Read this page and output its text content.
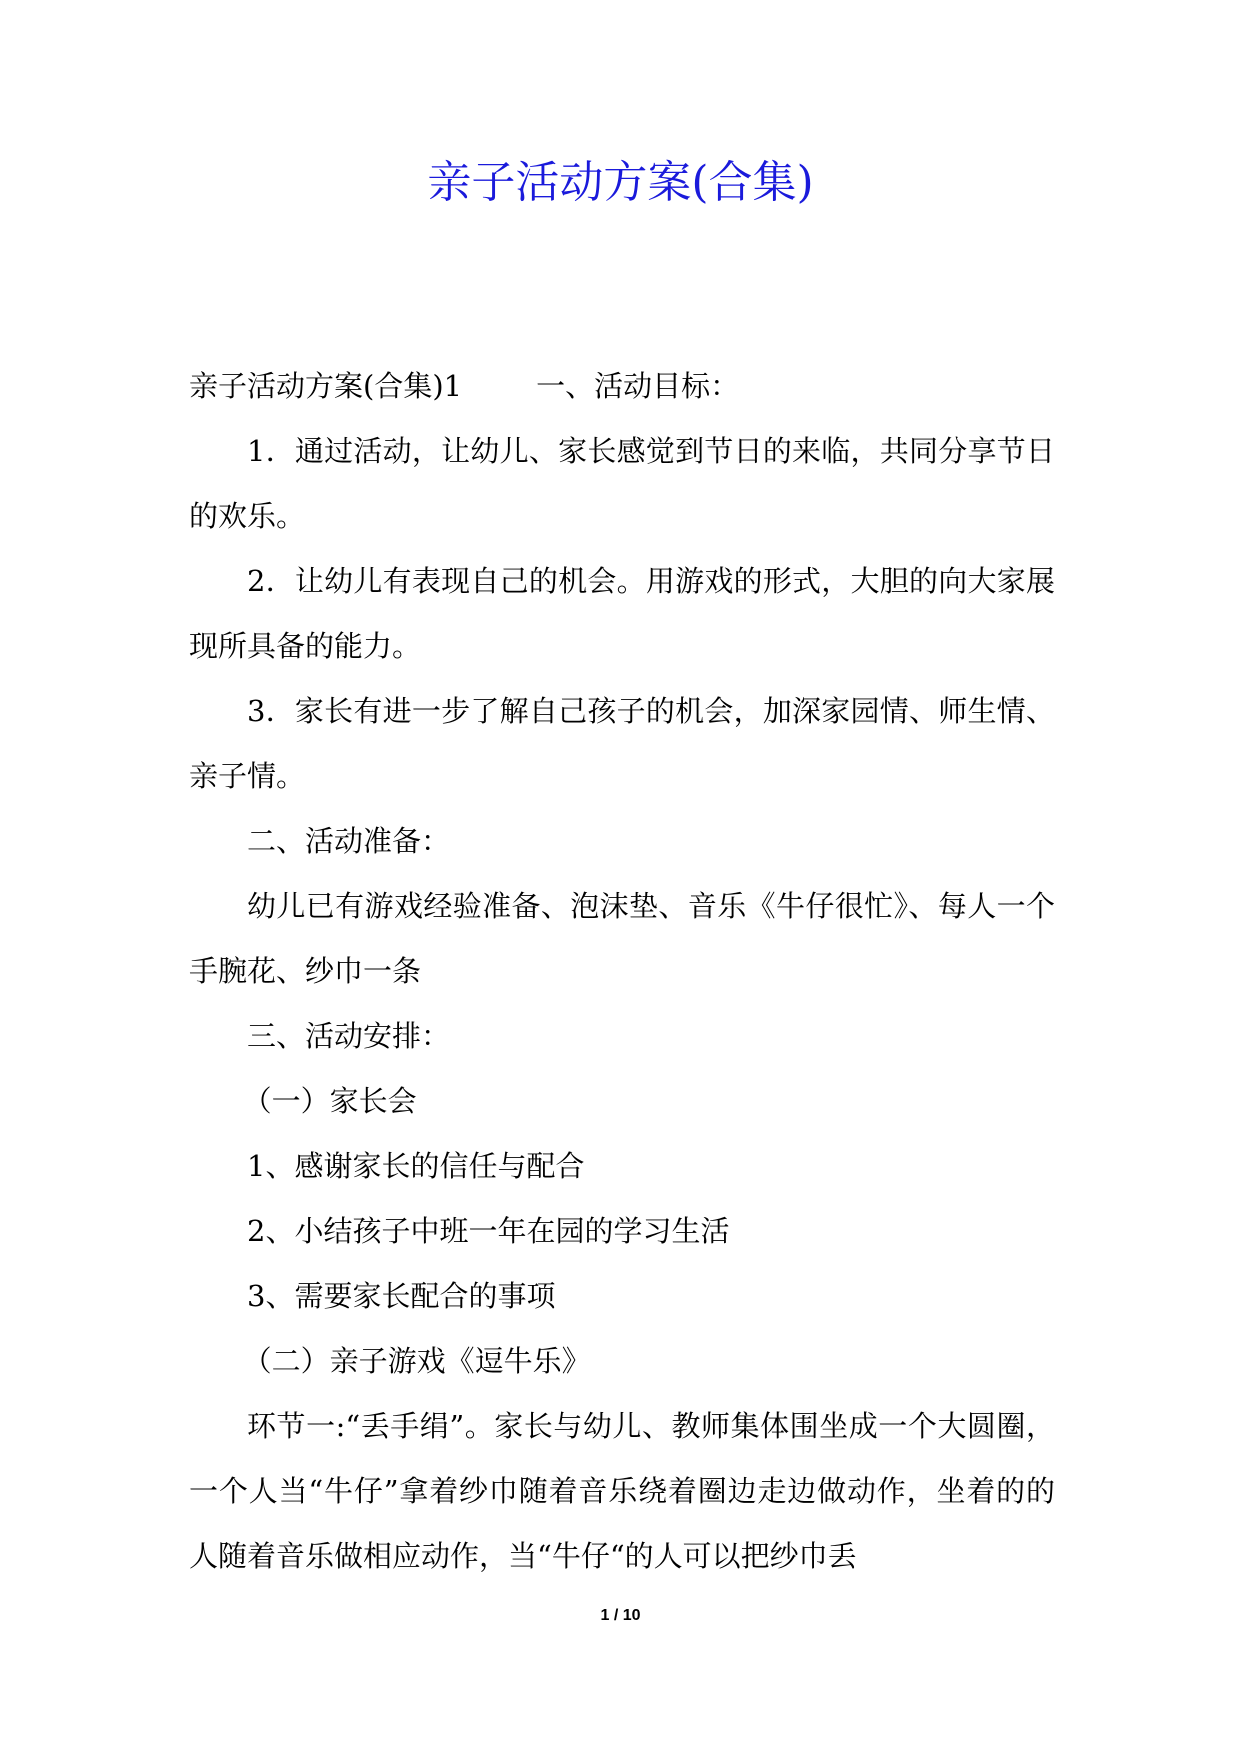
亲子活动方案(合集)

亲子活动方案(合集)1	一、活动目标：

1．通过活动，让幼儿、家长感觉到节日的来临，共同分享节日的欢乐。

2．让幼儿有表现自己的机会。用游戏的形式，大胆的向大家展现所具备的能力。

3．家长有进一步了解自己孩子的机会，加深家园情、师生情、亲子情。

二、活动准备：

幼儿已有游戏经验准备、泡沫垫、音乐《牛仔很忙》、每人一个手腕花、纱巾一条

三、活动安排：

（一）家长会

1、感谢家长的信任与配合

2、小结孩子中班一年在园的学习生活

3、需要家长配合的事项

（二）亲子游戏《逗牛乐》

环节一:“丢手绢”。家长与幼儿、教师集体围坐成一个大圆圈，一个人当“牛仔”拿着纱巾随着音乐绕着圈边走边做动作，坐着的的人随着音乐做相应动作，当“牛仔“的人可以把纱巾丢

1 / 10
